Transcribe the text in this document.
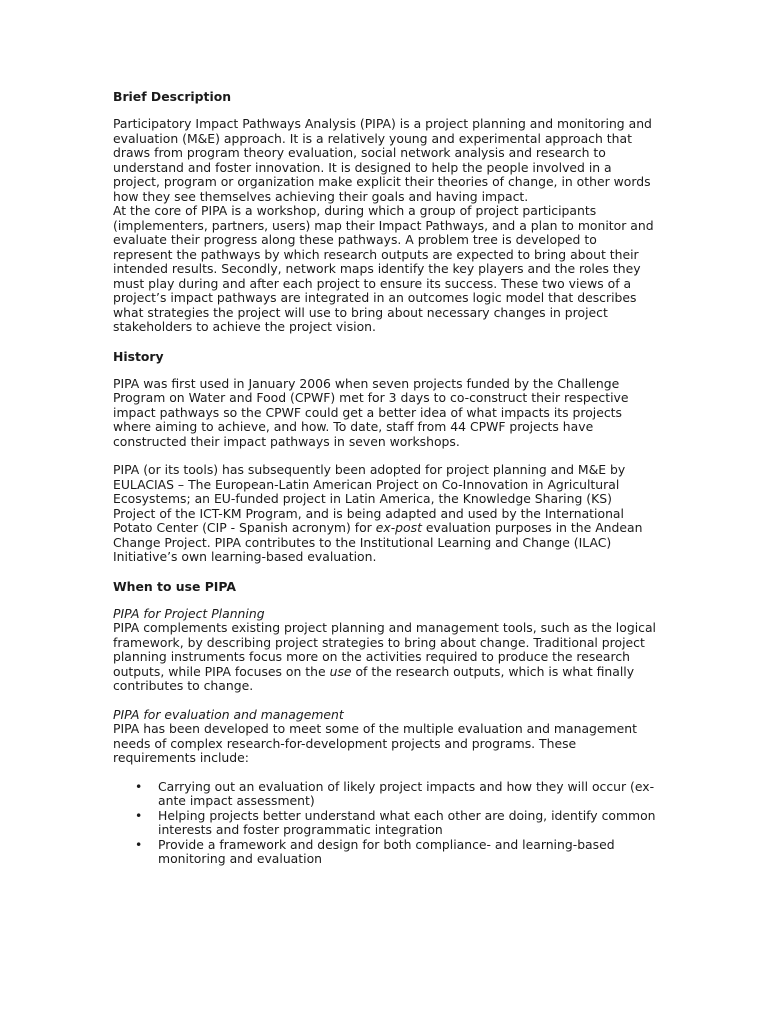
Brief Description

Participatory Impact Pathways Analysis (PIPA) is a project planning and monitoring and evaluation (M&E) approach. It is a relatively young and experimental approach that draws from program theory evaluation, social network analysis and research to understand and foster innovation. It is designed to help the people involved in a project, program or organization make explicit their theories of change, in other words how they see themselves achieving their goals and having impact.

At the core of PIPA is a workshop, during which a group of project participants (implementers, partners, users) map their Impact Pathways, and a plan to monitor and evaluate their progress along these pathways. A problem tree is developed to represent the pathways by which research outputs are expected to bring about their intended results. Secondly, network maps identify the key players and the roles they must play during and after each project to ensure its success. These two views of a project’s impact pathways are integrated in an outcomes logic model that describes what strategies the project will use to bring about necessary changes in project stakeholders to achieve the project vision.

History

PIPA was first used in January 2006 when seven projects funded by the Challenge Program on Water and Food (CPWF) met for 3 days to co-construct their respective impact pathways so the CPWF could get a better idea of what impacts its projects where aiming to achieve, and how. To date, staff from 44 CPWF projects have constructed their impact pathways in seven workshops.

PIPA (or its tools) has subsequently been adopted for project planning and M&E by EULACIAS – The European-Latin American Project on Co-Innovation in Agricultural Ecosystems; an EU-funded project in Latin America, the Knowledge Sharing (KS) Project of the ICT-KM Program, and is being adapted and used by the International Potato Center (CIP - Spanish acronym) for ex-post evaluation purposes in the Andean Change Project. PIPA contributes to the Institutional Learning and Change (ILAC) Initiative’s own learning-based evaluation.

When to use PIPA

PIPA for Project Planning

PIPA complements existing project planning and management tools, such as the logical framework, by describing project strategies to bring about change. Traditional project planning instruments focus more on the activities required to produce the research outputs, while PIPA focuses on the use of the research outputs, which is what finally contributes to change.

PIPA for evaluation and management

PIPA has been developed to meet some of the multiple evaluation and management needs of complex research-for-development projects and programs. These requirements include:

• Carrying out an evaluation of likely project impacts and how they will occur (ex-ante impact assessment)
• Helping projects better understand what each other are doing, identify common interests and foster programmatic integration
• Provide a framework and design for both compliance- and learning-based monitoring and evaluation
